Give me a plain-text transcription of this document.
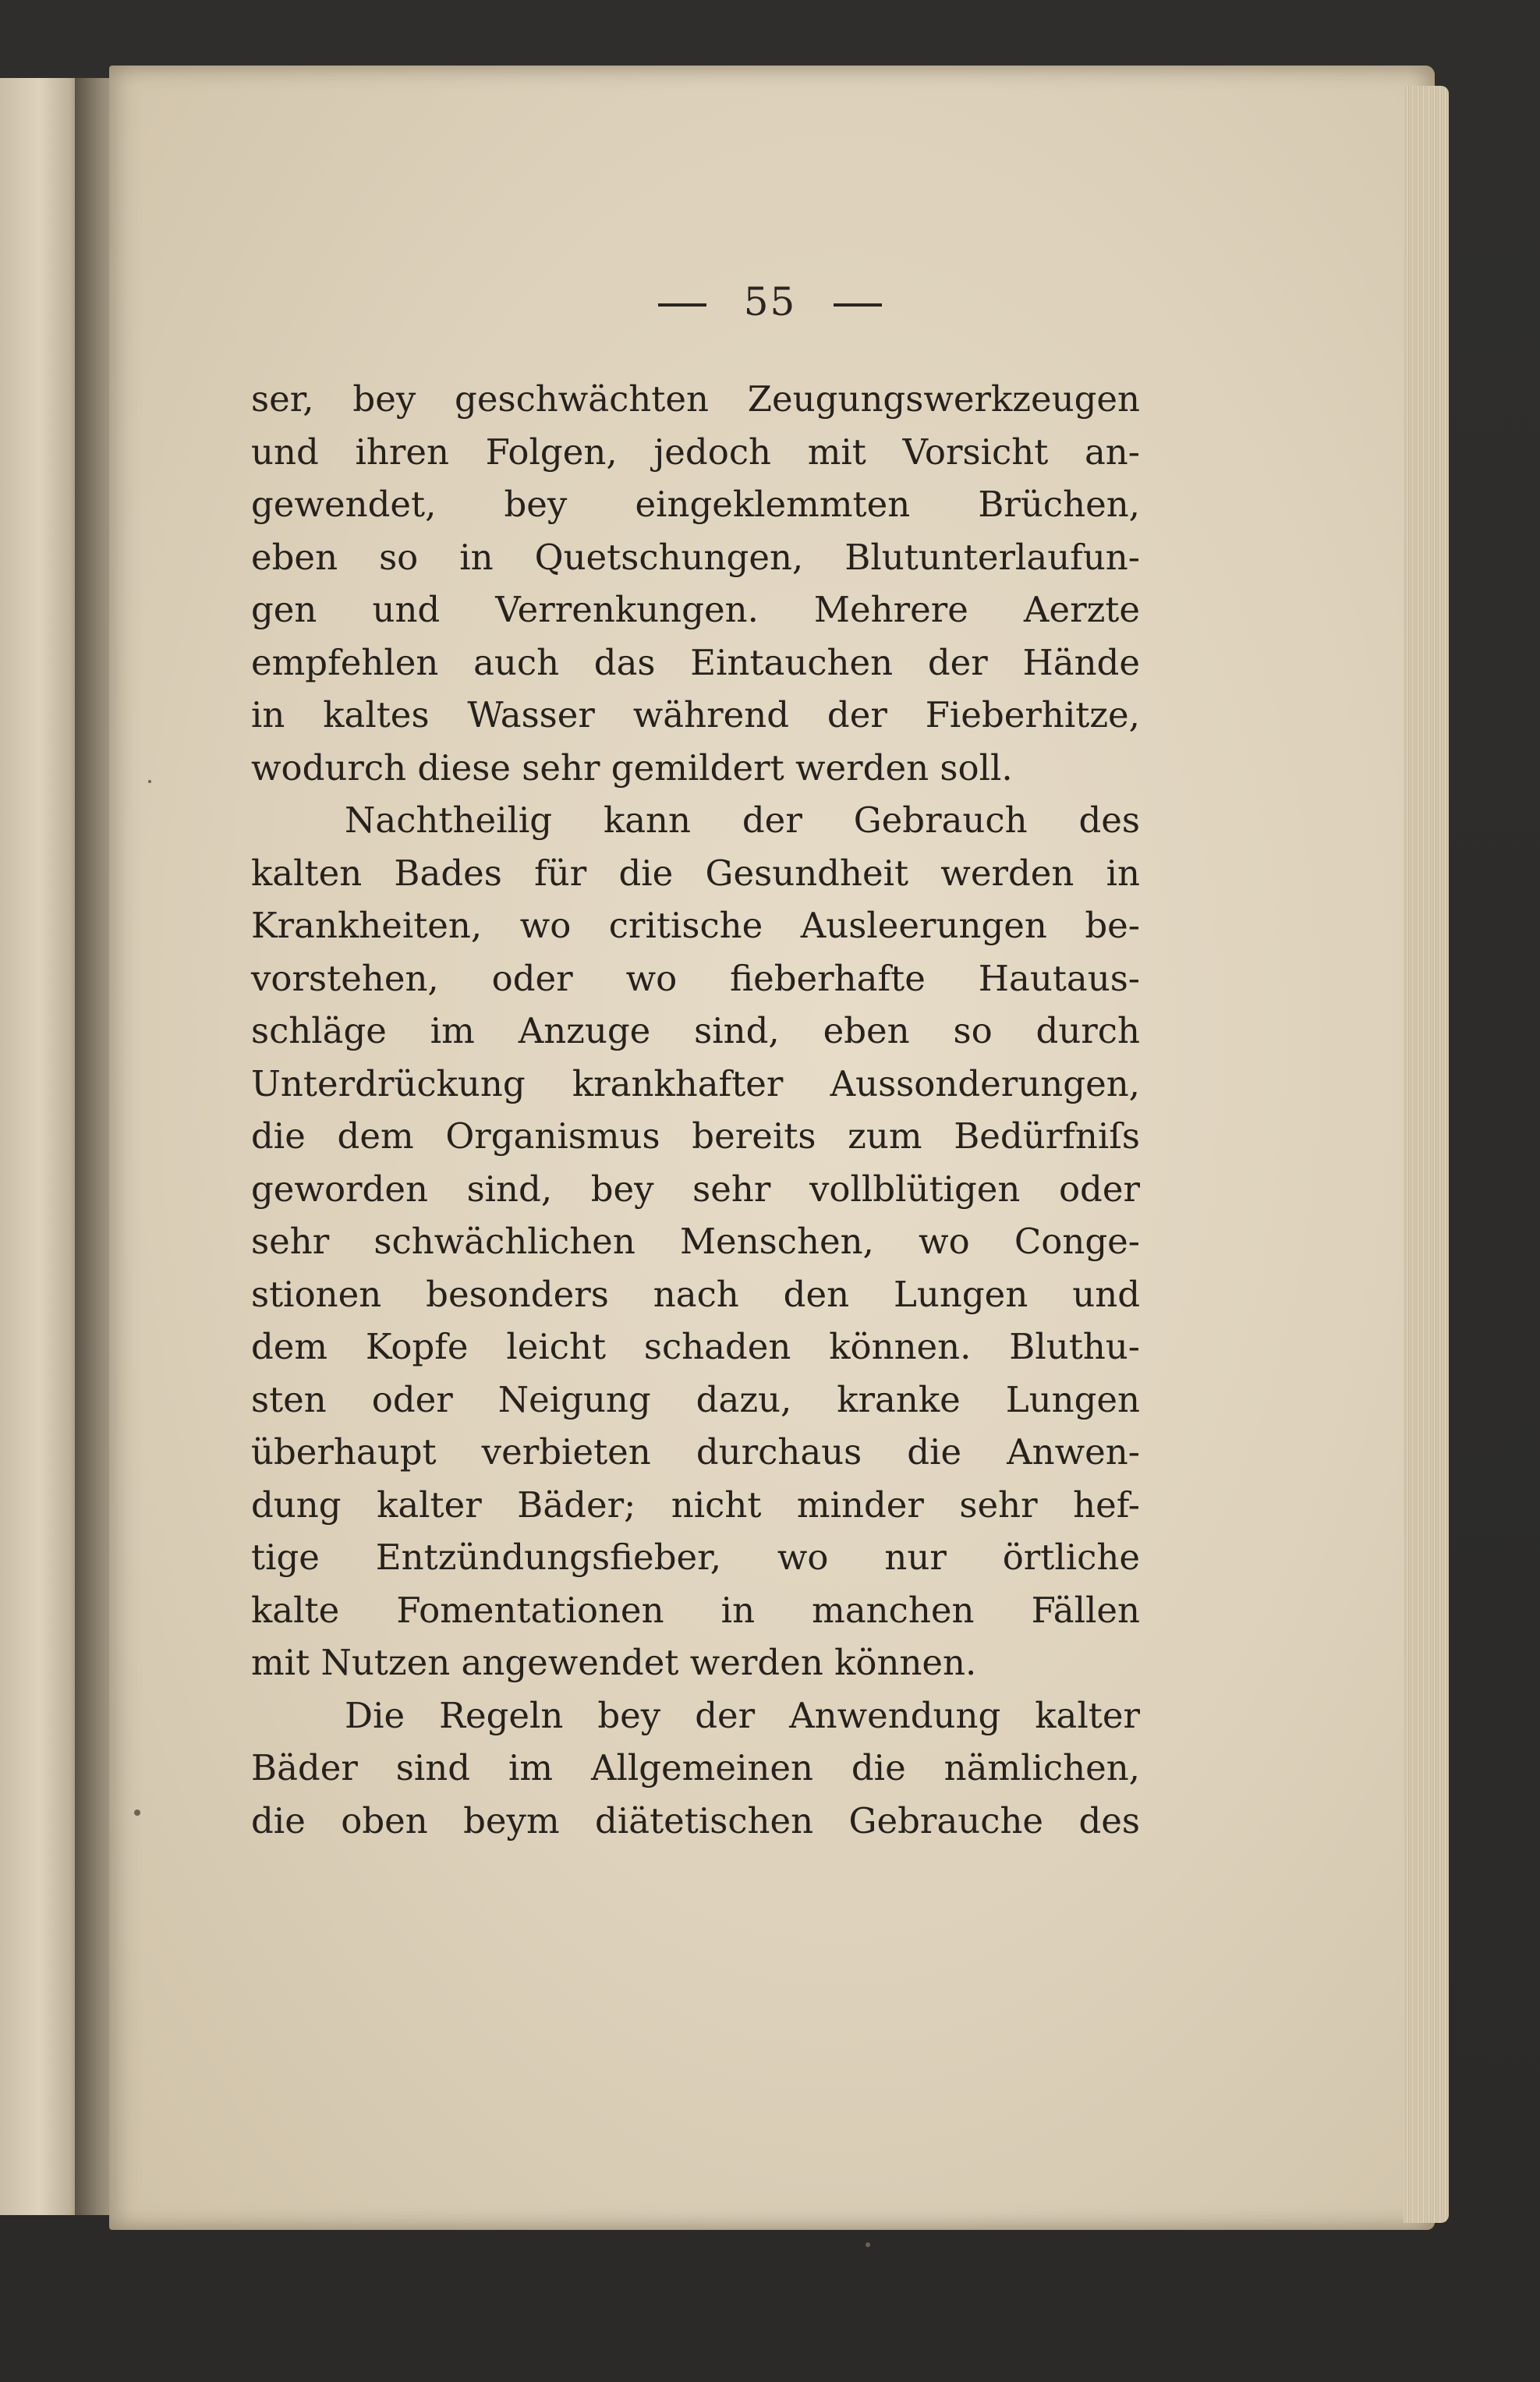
55
ser, bey geschwächten Zeugungswerkzeugen
und ihren Folgen, jedoch mit Vorsicht an-
gewendet, bey eingeklemmten Brüchen,
eben so in Quetschungen, Blutunterlaufun-
gen und Verrenkungen. Mehrere Aerzte
empfehlen auch das Eintauchen der Hände
in kaltes Wasser während der Fieberhitze,
wodurch diese sehr gemildert werden soll.
Nachtheilig kann der Gebrauch des
kalten Bades für die Gesundheit werden in
Krankheiten, wo critische Ausleerungen be-
vorstehen, oder wo fieberhafte Hautaus-
schläge im Anzuge sind, eben so durch
Unterdrückung krankhafter Aussonderungen,
die dem Organismus bereits zum Bedürfniſs
geworden sind, bey sehr vollblütigen oder
sehr schwächlichen Menschen, wo Conge-
stionen besonders nach den Lungen und
dem Kopfe leicht schaden können. Bluthu-
sten oder Neigung dazu, kranke Lungen
überhaupt verbieten durchaus die Anwen-
dung kalter Bäder; nicht minder sehr hef-
tige Entzündungsfieber, wo nur örtliche
kalte Fomentationen in manchen Fällen
mit Nutzen angewendet werden können.
Die Regeln bey der Anwendung kalter
Bäder sind im Allgemeinen die nämlichen,
die oben beym diätetischen Gebrauche des
